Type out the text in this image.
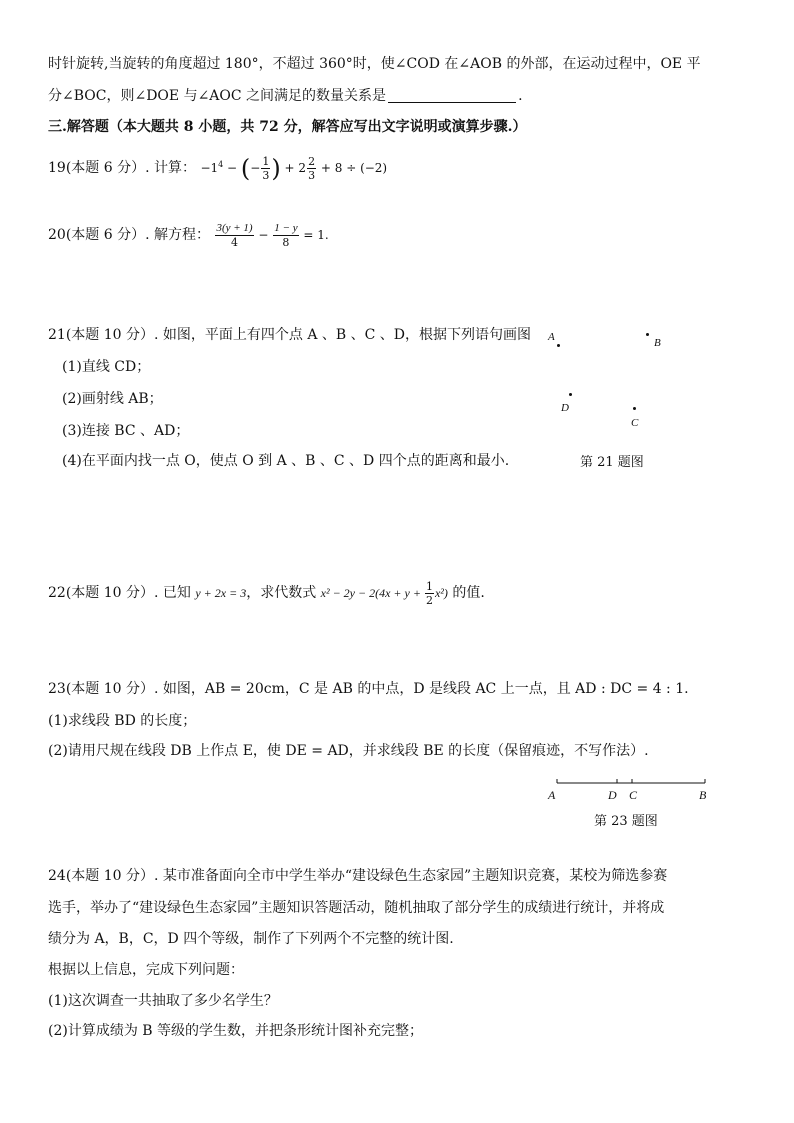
时针旋转,当旋转的角度超过 180°，不超过 360°时，使∠COD 在∠AOB 的外部，在运动过程中，OE 平
分∠BOC，则∠DOE 与∠AOC 之间满足的数量关系是	.
三.解答题（本大题共 8 小题，共 72 分，解答应写出文字说明或演算步骤.）
19(本题 6 分）. 计算： $-1^4$ − (− $\frac{1}{3}$ ) + $2 \frac{2}{3} + 8 \div (-2)$
20(本题 6 分）. 解方程： $\frac{3(y + 1)}{4} - \frac{1 - y}{8} = 1$.
21(本题 10 分）. 如图，平面上有四个点 A 、B 、C 、D，根据下列语句画图
(1)直线 CD；
(2)画射线 AB；
(3)连接 BC 、AD；
(4)在平面内找一点 O，使点 O 到 A 、B 、C 、D 四个点的距离和最小.
A	B
D
C
第 21 题图
22(本题 10 分）. 已知 y + 2x = 3，求代数式 $x^2 - 2y - 2(4x + y + \frac{1}{2} x^2)$ 的值.
23(本题 10 分）. 如图，AB = 20cm，C 是 AB 的中点，D 是线段 AC 上一点，且 AD : DC = 4 : 1.
(1)求线段 BD 的长度；
(2)请用尺规在线段 DB 上作点 E，使 DE = AD，并求线段 BE 的长度（保留痕迹，不写作法）.
A	D C	B
第 23 题图
24(本题 10 分）. 某市准备面向全市中学生举办“建设绿色生态家园”主题知识竞赛，某校为筛选参赛
选手，举办了“建设绿色生态家园”主题知识答题活动，随机抽取了部分学生的成绩进行统计，并将成
绩分为 A，B，C，D 四个等级，制作了下列两个不完整的统计图.
根据以上信息，完成下列问题：
(1)这次调查一共抽取了多少名学生？
(2)计算成绩为 B 等级的学生数，并把条形统计图补充完整；
